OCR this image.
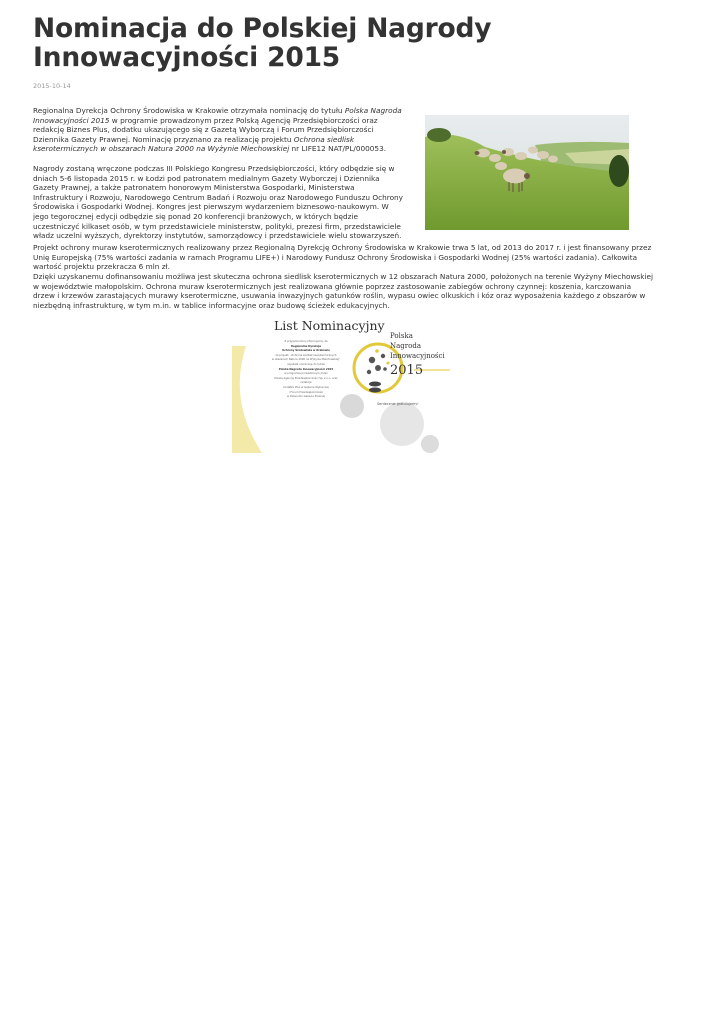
Nominacja do Polskiej Nagrody Innowacyjności 2015
2015-10-14

Regionalna Dyrekcja Ochrony Środowiska w Krakowie otrzymała nominację do tytułu Polska Nagroda Innowacyjności 2015 w programie prowadzonym przez Polską Agencję Przedsiębiorczości oraz redakcję Biznes Plus, dodatku ukazującego się z Gazetą Wyborczą i Forum Przedsiębiorczości Dziennika Gazety Prawnej. Nominację przyznano za realizację projektu Ochrona siedlisk kserotermicznych w obszarach Natura 2000 na Wyżynie Miechowskiej nr LIFE12 NAT/PL/000053.

Nagrody zostaną wręczone podczas III Polskiego Kongresu Przedsiębiorczości, który odbędzie się w dniach 5-6 listopada 2015 r. w Łodzi pod patronatem medialnym Gazety Wyborczej i Dziennika Gazety Prawnej, a także patronatem honorowym Ministerstwa Gospodarki, Ministerstwa Infrastruktury i Rozwoju, Narodowego Centrum Badań i Rozwoju oraz Narodowego Funduszu Ochrony Środowiska i Gospodarki Wodnej. Kongres jest pierwszym wydarzeniem biznesowo-naukowym. W jego tegorocznej edycji odbędzie się ponad 20 konferencji branżowych, w których będzie uczestniczyć kilkaset osób, w tym przedstawiciele ministerstw, polityki, prezesi firm, przedstawiciele władz uczelni wyższych, dyrektorzy instytutów, samorządowcy i przedstawiciele wielu stowarzyszeń.

Projekt ochrony muraw kserotermicznych realizowany przez Regionalną Dyrekcję Ochrony Środowiska w Krakowie trwa 5 lat, od 2013 do 2017 r. i jest finansowany przez Unię Europejską (75% wartości zadania w ramach Programu LIFE+) i Narodowy Fundusz Ochrony Środowiska i Gospodarki Wodnej (25% wartości zadania). Całkowita wartość projektu przekracza 6 mln zł.

Dzięki uzyskanemu dofinansowaniu możliwa jest skuteczna ochrona siedlisk kserotermicznych w 12 obszarach Natura 2000, położonych na terenie Wyżyny Miechowskiej w województwie małopolskim. Ochrona muraw kserotermicznych jest realizowana głównie poprzez zastosowanie zabiegów ochrony czynnej: koszenia, karczowania drzew i krzewów zarastających murawy kserotermiczne, usuwania inwazyjnych gatunków roślin, wypasu owiec olkuskich i kóz oraz wyposażenia każdego z obszarów w niezbędną infrastrukturę, w tym m.in. w tablice informacyjne oraz budowę ścieżek edukacyjnych.

List Nominacyjny
Polska
Nagroda
Innowacyjności
2015
Z przyjemnością informujemy, że
Regionalna Dyrekcja
Ochrony Środowiska w Krakowie
za projekt: „Ochrona siedlisk kserotermicznych
w obszarach Natura 2000 na Wyżynie Miechowskiej”
uzyskała nominację do tytułu
Polska Nagroda Innowacyjności 2015
w programie prowadzonym przez
Polską Agencję Przedsiębiorczości Sp. z o.o. oraz
redakcje
Dodatku Plus w Gazecie Wyborczej
i Forum Przedsiębiorczości
w Dzienniku Gazecie Prawnej
Serdecznie gratulujemy!
